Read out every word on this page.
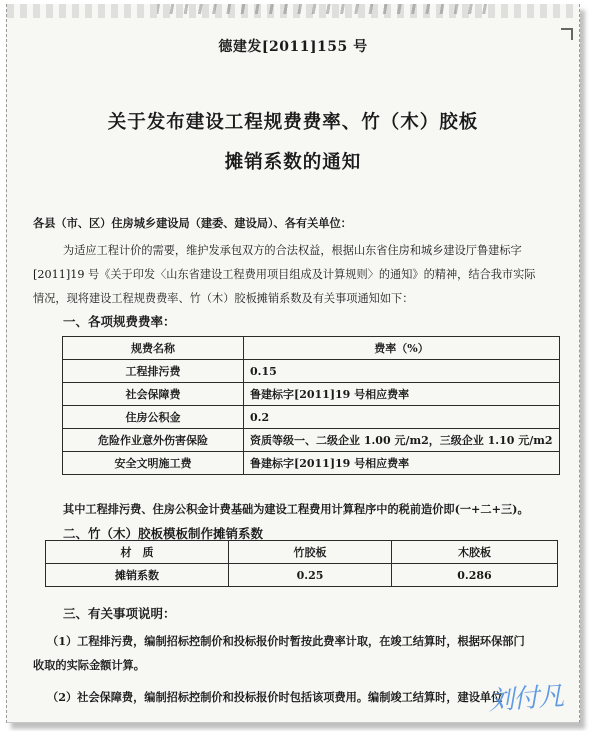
德建发[2011]155 号
关于发布建设工程规费费率、竹（木）胶板
摊销系数的通知
各县（市、区）住房城乡建设局（建委、建设局）、各有关单位：
为适应工程计价的需要，维护发承包双方的合法权益，根据山东省住房和城乡建设厅鲁建标字
[2011]19 号《关于印发〈山东省建设工程费用项目组成及计算规则〉的通知》的精神，结合我市实际
情况，现将建设工程规费费率、竹（木）胶板摊销系数及有关事项通知如下：
一、各项规费费率：
规费名称	费率（%）
工程排污费	0.15
社会保障费	鲁建标字[2011]19 号相应费率
住房公积金	0.2
危险作业意外伤害保险	资质等级一、二级企业 1.00 元/m2，三级企业 1.10 元/m2
安全文明施工费	鲁建标字[2011]19 号相应费率
其中工程排污费、住房公积金计费基础为建设工程费用计算程序中的税前造价即(一+二+三)。
二、竹（木）胶板模板制作摊销系数
材　质	竹胶板	木胶板
摊销系数	0.25	0.286
三、有关事项说明：
（1）工程排污费，编制招标控制价和投标报价时暂按此费率计取，在竣工结算时，根据环保部门
收取的实际金额计算。
（2）社会保障费，编制招标控制价和投标报价时包括该项费用。编制竣工结算时，建设单位
刘付凡
